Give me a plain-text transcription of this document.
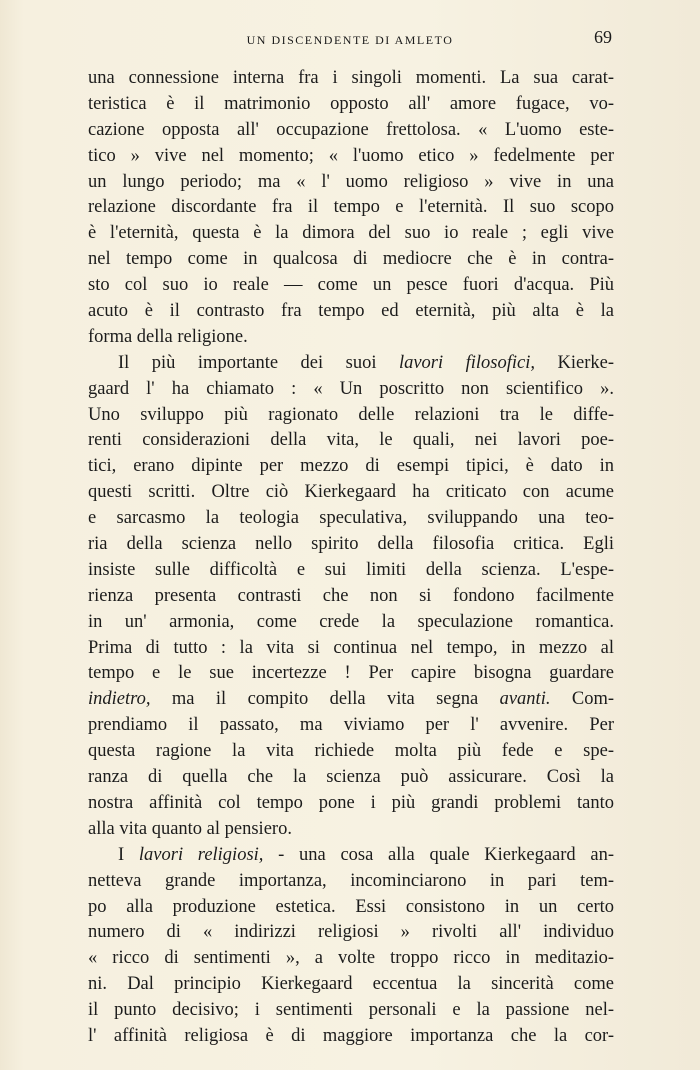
UN DISCENDENTE DI AMLETO	69
una connessione interna fra i singoli momenti. La sua carat-
teristica è il matrimonio opposto all' amore fugace, vo-
cazione opposta all' occupazione frettolosa. « L'uomo este-
tico » vive nel momento; « l'uomo etico » fedelmente per
un lungo periodo; ma « l' uomo religioso » vive in una
relazione discordante fra il tempo e l'eternità. Il suo scopo
è l'eternità, questa è la dimora del suo io reale ; egli vive
nel tempo come in qualcosa di mediocre che è in contra-
sto col suo io reale — come un pesce fuori d'acqua. Più
acuto è il contrasto fra tempo ed eternità, più alta è la
forma della religione.
Il più importante dei suoi lavori filosofici, Kierke-
gaard l' ha chiamato : « Un poscritto non scientifico ».
Uno sviluppo più ragionato delle relazioni tra le diffe-
renti considerazioni della vita, le quali, nei lavori poe-
tici, erano dipinte per mezzo di esempi tipici, è dato in
questi scritti. Oltre ciò Kierkegaard ha criticato con acume
e sarcasmo la teologia speculativa, sviluppando una teo-
ria della scienza nello spirito della filosofia critica. Egli
insiste sulle difficoltà e sui limiti della scienza. L'espe-
rienza presenta contrasti che non si fondono facilmente
in un' armonia, come crede la speculazione romantica.
Prima di tutto : la vita si continua nel tempo, in mezzo al
tempo e le sue incertezze ! Per capire bisogna guardare
indietro, ma il compito della vita segna avanti. Com-
prendiamo il passato, ma viviamo per l' avvenire. Per
questa ragione la vita richiede molta più fede e spe-
ranza di quella che la scienza può assicurare. Così la
nostra affinità col tempo pone i più grandi problemi tanto
alla vita quanto al pensiero.
I lavori religiosi, - una cosa alla quale Kierkegaard an-
netteva grande importanza, incominciarono in pari tem-
po alla produzione estetica. Essi consistono in un certo
numero di « indirizzi religiosi » rivolti all' individuo
« ricco di sentimenti », a volte troppo ricco in meditazio-
ni. Dal principio Kierkegaard eccentua la sincerità come
il punto decisivo; i sentimenti personali e la passione nel-
l' affinità religiosa è di maggiore importanza che la cor-
